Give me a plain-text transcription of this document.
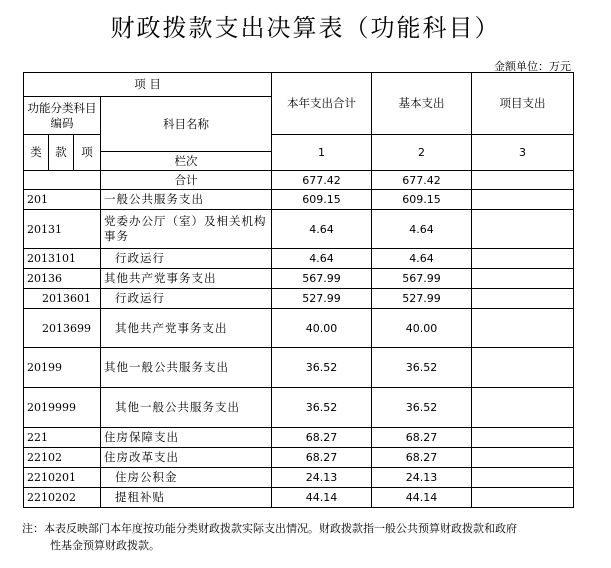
财政拨款支出决算表（功能科目）
金额单位：万元
项 目				本年支出合计	基本支出	项目支出
功能分类科目编码			科目名称			
类	款	项		1	2	3
			栏次			
			合计	677.42	677.42	
201			一般公共服务支出	609.15	609.15	
20131			党委办公厅（室）及相关机构事务	4.64	4.64	
2013101			行政运行	4.64	4.64	
20136			其他共产党事务支出	567.99	567.99	
2013601			行政运行	527.99	527.99	
2013699			其他共产党事务支出	40.00	40.00	
20199			其他一般公共服务支出	36.52	36.52	
2019999			其他一般公共服务支出	36.52	36.52	
221			住房保障支出	68.27	68.27	
22102			住房改革支出	68.27	68.27	
2210201			住房公积金	24.13	24.13	
2210202			提租补贴	44.14	44.14	
注：本表反映部门本年度按功能分类财政拨款实际支出情况。财政拨款指一般公共预算财政拨款和政府
性基金预算财政拨款。
